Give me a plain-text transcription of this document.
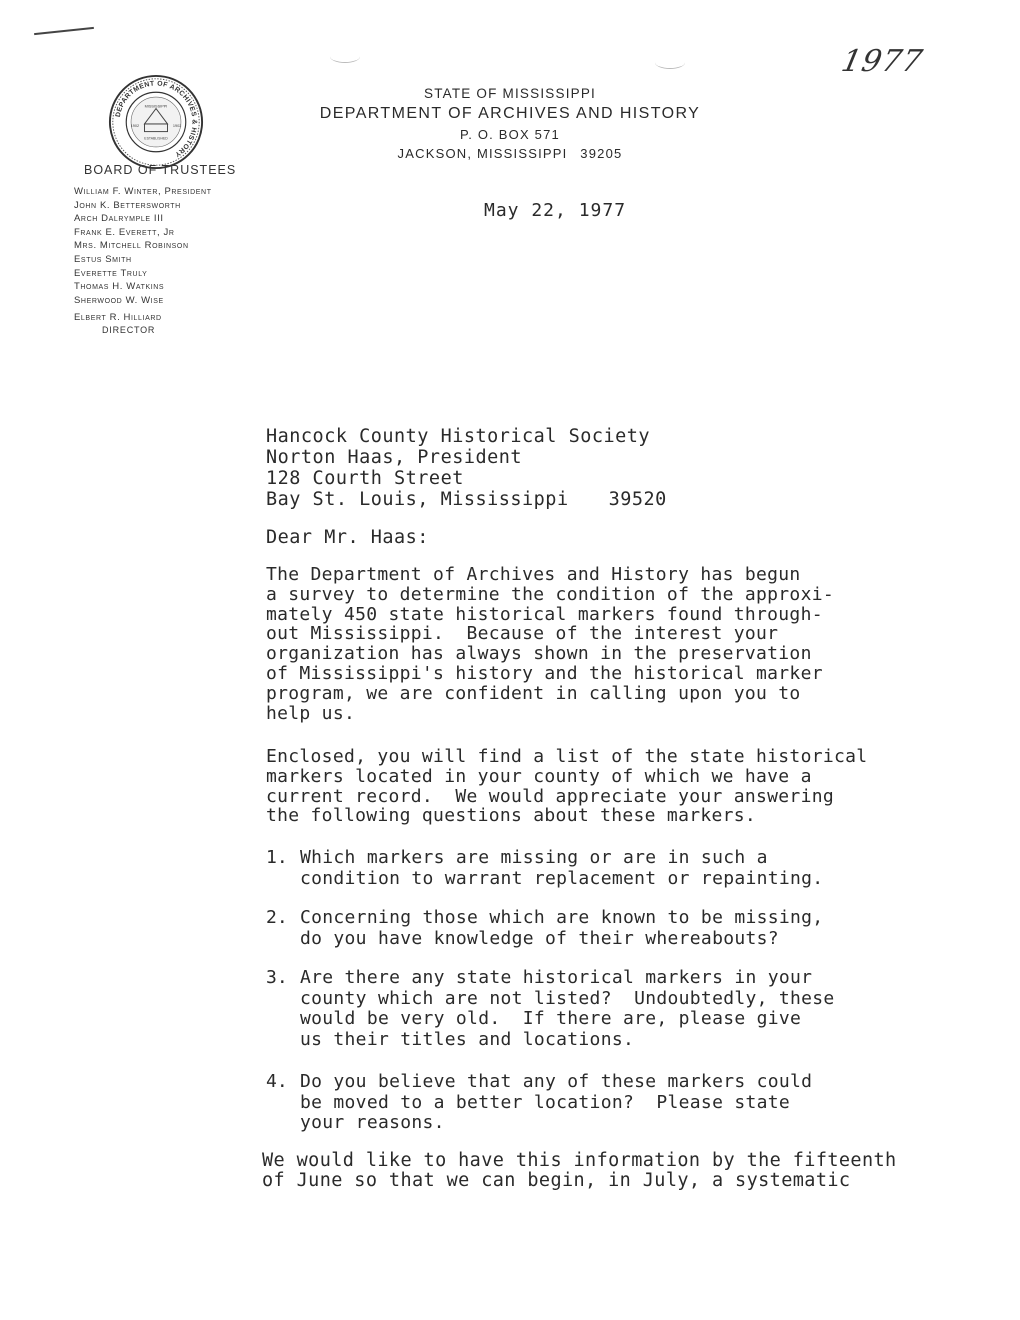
1977
DEPARTMENT OF ARCHIVES & HISTORY
MISSISSIPPI
1902	1902
ESTABLISHED
BOARD OF TRUSTEES
William F. Winter, President
John K. Bettersworth
Arch Dalrymple III
Frank E. Everett, Jr
Mrs. Mitchell Robinson
Estus Smith
Everette Truly
Thomas H. Watkins
Sherwood W. Wise
Elbert R. Hilliard
DIRECTOR
STATE OF MISSISSIPPI
DEPARTMENT OF ARCHIVES AND HISTORY
P. O. BOX 571
JACKSON, MISSISSIPPI 39205
May 22, 1977
Hancock County Historical Society
Norton Haas, President
128 Courth Street
Bay St. Louis, Mississippi 39520
Dear Mr. Haas:
The Department of Archives and History has begun
a survey to determine the condition of the approxi-
mately 450 state historical markers found through-
out Mississippi.  Because of the interest your
organization has always shown in the preservation
of Mississippi's history and the historical marker
program, we are confident in calling upon you to
help us.
Enclosed, you will find a list of the state historical
markers located in your county of which we have a
current record.  We would appreciate your answering
the following questions about these markers.
1. Which markers are missing or are in such a
condition to warrant replacement or repainting.
2. Concerning those which are known to be missing,
do you have knowledge of their whereabouts?
3. Are there any state historical markers in your
county which are not listed?  Undoubtedly, these
would be very old.  If there are, please give
us their titles and locations.
4. Do you believe that any of these markers could
be moved to a better location?  Please state
your reasons.
We would like to have this information by the fifteenth
of June so that we can begin, in July, a systematic
